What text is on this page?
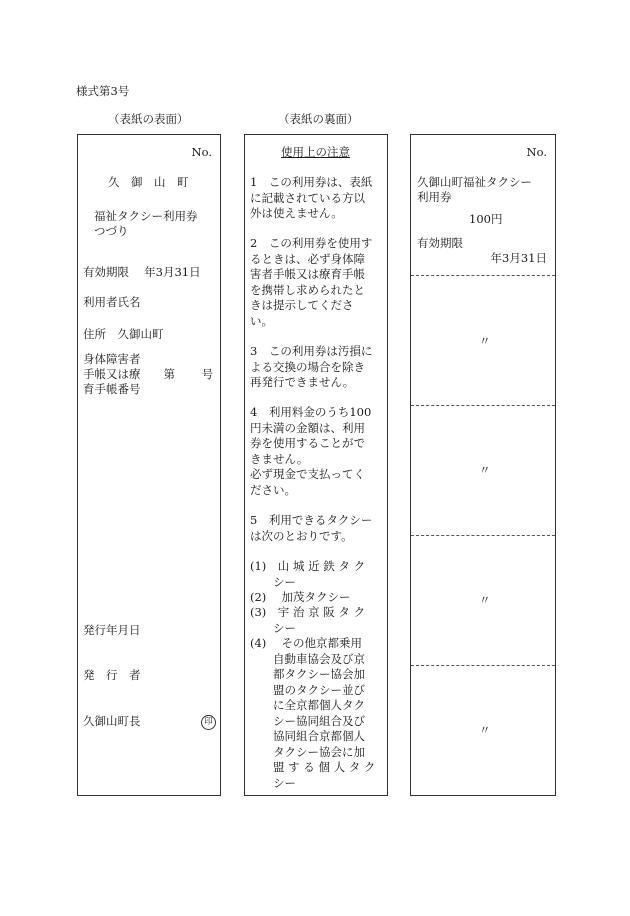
様式第3号
（表紙の表面）	（表紙の裏面）
No.
久　御　山　町
福祉タクシー利用券
つづり
有効期限　 年3月31日
利用者氏名
住所　久御山町
身体障害者
手帳又は療　　第　　 号
育手帳番号
発行年月日
発　行　者
久御山町長	印
使用上の注意
1　この利用券は、表紙
に記載されている方以
外は使えません。
2　この利用券を使用す
るときは、必ず身体障
害者手帳又は療育手帳
を携帯し求められたと
きは提示してくださ
い。
3　この利用券は汚損に
よる交換の場合を除き
再発行できません。
4　利用料金のうち100
円未満の金額は、利用
券を使用することがで
きません。
必ず現金で支払ってく
ださい。
5　利用できるタクシー
は次のとおりです。
(1)　山 城 近 鉄 タ ク
　　シー
(2)　 加茂タクシー
(3)　宇 治 京 阪 タ ク
　　シー
(4)　 その他京都乗用
　　自動車協会及び京
　　都タクシー協会加
　　盟のタクシー並び
　　に全京都個人タク
　　シー協同組合及び
　　協同組合京都個人
　　タクシー協会に加
　　盟 す る 個 人 タ ク
　　シー
No.
久御山町福祉タクシー
利用券
100円
有効期限
年3月31日
〃
〃
〃
〃
